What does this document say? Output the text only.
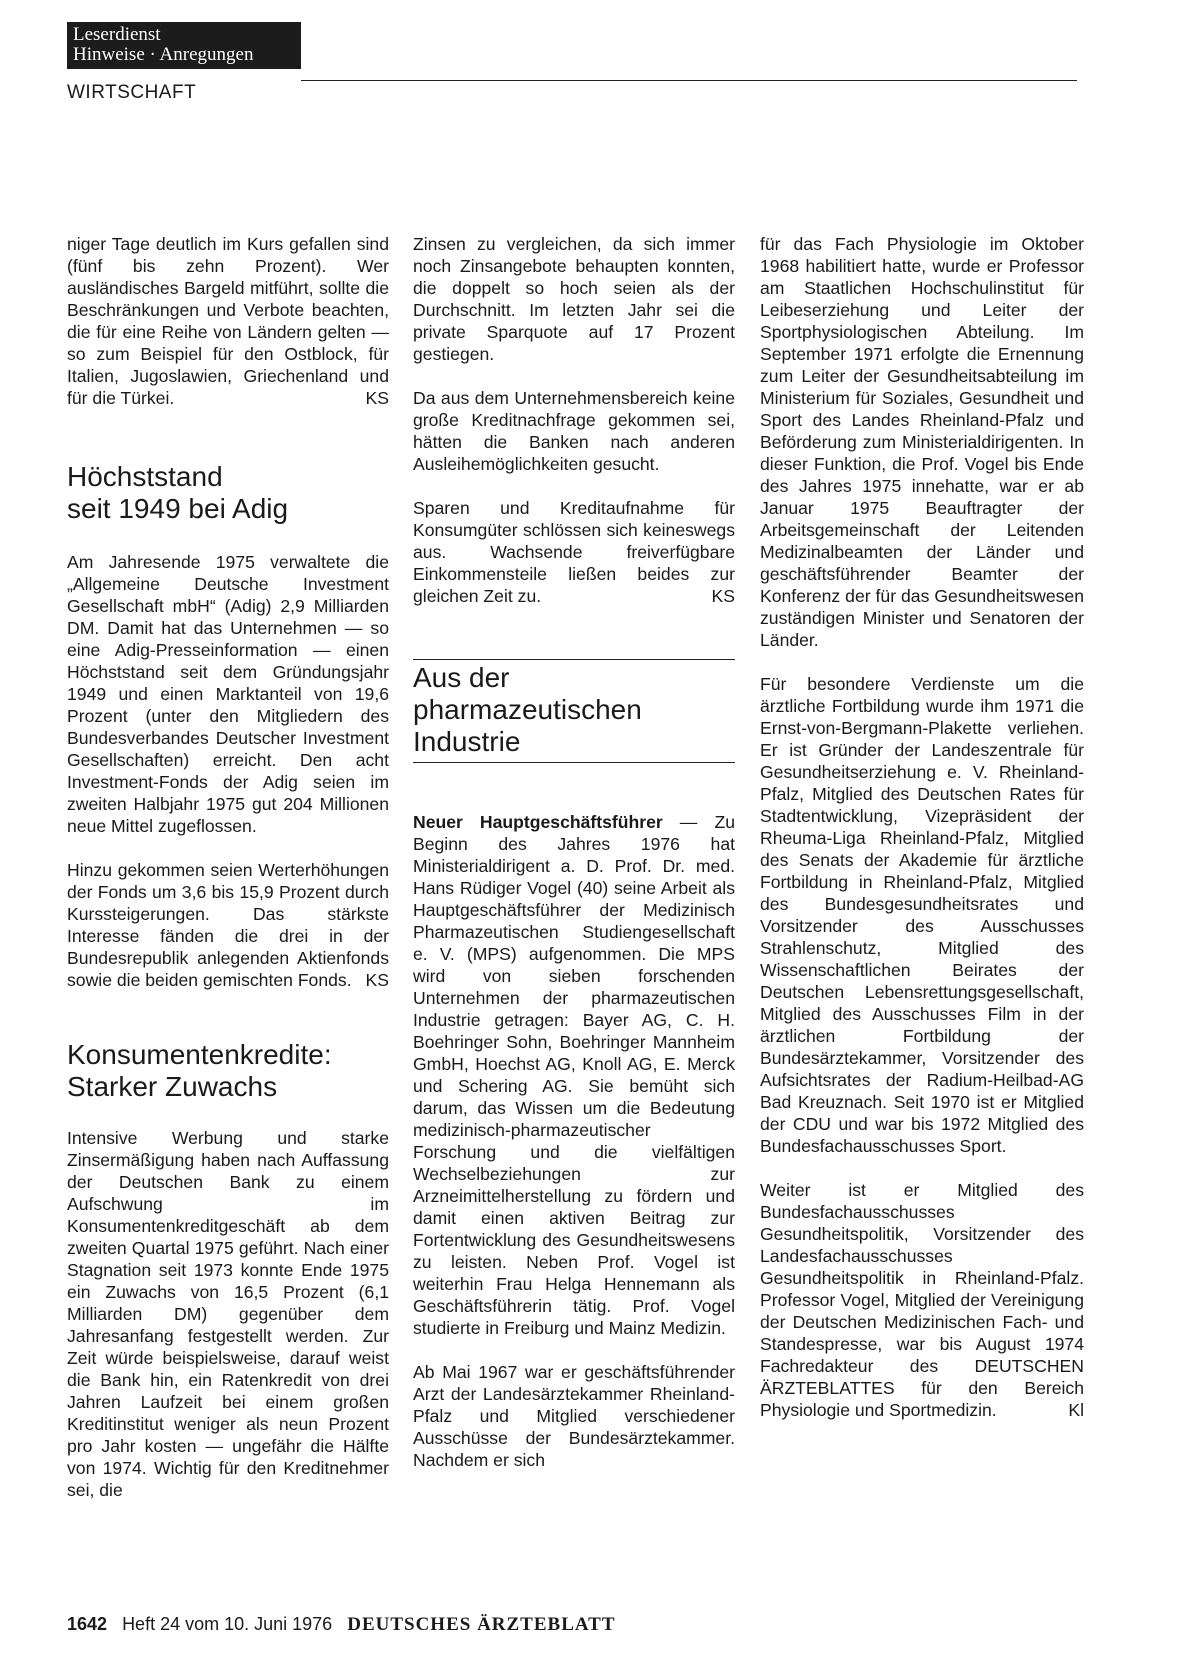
Leserdienst
Hinweise · Anregungen
WIRTSCHAFT

niger Tage deutlich im Kurs gefallen sind (fünf bis zehn Prozent). Wer ausländisches Bargeld mitführt, sollte die Beschränkungen und Verbote beachten, die für eine Reihe von Ländern gelten — so zum Beispiel für den Ostblock, für Italien, Jugoslawien, Griechenland und für die Türkei.	KS

Höchststand
seit 1949 bei Adig

Am Jahresende 1975 verwaltete die „Allgemeine Deutsche Investment Gesellschaft mbH“ (Adig) 2,9 Milliarden DM. Damit hat das Unternehmen — so eine Adig-Presseinformation — einen Höchststand seit dem Gründungsjahr 1949 und einen Marktanteil von 19,6 Prozent (unter den Mitgliedern des Bundesverbandes Deutscher Investment Gesellschaften) erreicht. Den acht Investment-Fonds der Adig seien im zweiten Halbjahr 1975 gut 204 Millionen neue Mittel zugeflossen.

Hinzu gekommen seien Werterhöhungen der Fonds um 3,6 bis 15,9 Prozent durch Kurssteigerungen. Das stärkste Interesse fänden die drei in der Bundesrepublik anlegenden Aktienfonds sowie die beiden gemischten Fonds. KS

Konsumentenkredite:
Starker Zuwachs

Intensive Werbung und starke Zinsermäßigung haben nach Auffassung der Deutschen Bank zu einem Aufschwung im Konsumentenkreditgeschäft ab dem zweiten Quartal 1975 geführt. Nach einer Stagnation seit 1973 konnte Ende 1975 ein Zuwachs von 16,5 Prozent (6,1 Milliarden DM) gegenüber dem Jahresanfang festgestellt werden. Zur Zeit würde beispielsweise, darauf weist die Bank hin, ein Ratenkredit von drei Jahren Laufzeit bei einem großen Kreditinstitut weniger als neun Prozent pro Jahr kosten — ungefähr die Hälfte von 1974. Wichtig für den Kreditnehmer sei, die

Zinsen zu vergleichen, da sich immer noch Zinsangebote behaupten konnten, die doppelt so hoch seien als der Durchschnitt. Im letzten Jahr sei die private Sparquote auf 17 Prozent gestiegen.

Da aus dem Unternehmensbereich keine große Kreditnachfrage gekommen sei, hätten die Banken nach anderen Ausleihemöglichkeiten gesucht.

Sparen und Kreditaufnahme für Konsumgüter schlössen sich keineswegs aus. Wachsende freiverfügbare Einkommensteile ließen beides zur gleichen Zeit zu.	KS

Aus der
pharmazeutischen
Industrie

Neuer Hauptgeschäftsführer — Zu Beginn des Jahres 1976 hat Ministerialdirigent a. D. Prof. Dr. med. Hans Rüdiger Vogel (40) seine Arbeit als Hauptgeschäftsführer der Medizinisch Pharmazeutischen Studiengesellschaft e. V. (MPS) aufgenommen. Die MPS wird von sieben forschenden Unternehmen der pharmazeutischen Industrie getragen: Bayer AG, C. H. Boehringer Sohn, Boehringer Mannheim GmbH, Hoechst AG, Knoll AG, E. Merck und Schering AG. Sie bemüht sich darum, das Wissen um die Bedeutung medizinisch-pharmazeutischer Forschung und die vielfältigen Wechselbeziehungen zur Arzneimittelherstellung zu fördern und damit einen aktiven Beitrag zur Fortentwicklung des Gesundheitswesens zu leisten. Neben Prof. Vogel ist weiterhin Frau Helga Hennemann als Geschäftsführerin tätig. Prof. Vogel studierte in Freiburg und Mainz Medizin.

Ab Mai 1967 war er geschäftsführender Arzt der Landesärztekammer Rheinland-Pfalz und Mitglied verschiedener Ausschüsse der Bundesärztekammer. Nachdem er sich

für das Fach Physiologie im Oktober 1968 habilitiert hatte, wurde er Professor am Staatlichen Hochschulinstitut für Leibeserziehung und Leiter der Sportphysiologischen Abteilung. Im September 1971 erfolgte die Ernennung zum Leiter der Gesundheitsabteilung im Ministerium für Soziales, Gesundheit und Sport des Landes Rheinland-Pfalz und Beförderung zum Ministerialdirigenten. In dieser Funktion, die Prof. Vogel bis Ende des Jahres 1975 innehatte, war er ab Januar 1975 Beauftragter der Arbeitsgemeinschaft der Leitenden Medizinalbeamten der Länder und geschäftsführender Beamter der Konferenz der für das Gesundheitswesen zuständigen Minister und Senatoren der Länder.

Für besondere Verdienste um die ärztliche Fortbildung wurde ihm 1971 die Ernst-von-Bergmann-Plakette verliehen. Er ist Gründer der Landeszentrale für Gesundheitserziehung e. V. Rheinland-Pfalz, Mitglied des Deutschen Rates für Stadtentwicklung, Vizepräsident der Rheuma-Liga Rheinland-Pfalz, Mitglied des Senats der Akademie für ärztliche Fortbildung in Rheinland-Pfalz, Mitglied des Bundesgesundheitsrates und Vorsitzender des Ausschusses Strahlenschutz, Mitglied des Wissenschaftlichen Beirates der Deutschen Lebensrettungsgesellschaft, Mitglied des Ausschusses Film in der ärztlichen Fortbildung der Bundesärztekammer, Vorsitzender des Aufsichtsrates der Radium-Heilbad-AG Bad Kreuznach. Seit 1970 ist er Mitglied der CDU und war bis 1972 Mitglied des Bundesfachausschusses Sport.

Weiter ist er Mitglied des Bundesfachausschusses Gesundheitspolitik, Vorsitzender des Landesfachausschusses Gesundheitspolitik in Rheinland-Pfalz. Professor Vogel, Mitglied der Vereinigung der Deutschen Medizinischen Fach- und Standespresse, war bis August 1974 Fachredakteur des DEUTSCHEN ÄRZTEBLATTES für den Bereich Physiologie und Sportmedizin.	Kl

1642 Heft 24 vom 10. Juni 1976 DEUTSCHES ÄRZTEBLATT
